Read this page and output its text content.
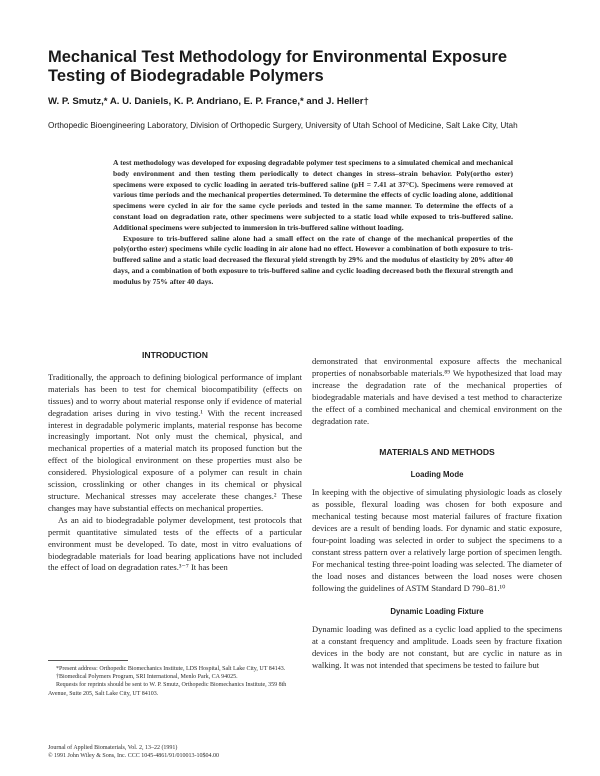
Mechanical Test Methodology for Environmental Exposure Testing of Biodegradable Polymers

W. P. Smutz,* A. U. Daniels, K. P. Andriano, E. P. France,* and J. Heller†

Orthopedic Bioengineering Laboratory, Division of Orthopedic Surgery, University of Utah School of Medicine, Salt Lake City, Utah

A test methodology was developed for exposing degradable polymer test specimens to a simulated chemical and mechanical body environment and then testing them periodically to detect changes in stress–strain behavior. Poly(ortho ester) specimens were exposed to cyclic loading in aerated tris-buffered saline (pH = 7.41 at 37°C). Specimens were removed at various time periods and the mechanical properties determined. To determine the effects of cyclic loading alone, additional specimens were cycled in air for the same cycle periods and tested in the same manner. To determine the effects of a constant load on degradation rate, other specimens were subjected to a static load while exposed to tris-buffered saline. Additional specimens were subjected to immersion in tris-buffered saline without loading.

Exposure to tris-buffered saline alone had a small effect on the rate of change of the mechanical properties of the poly(ortho ester) specimens while cyclic loading in air alone had no effect. However a combination of both exposure to tris-buffered saline and a static load decreased the flexural yield strength by 29% and the modulus of elasticity by 20% after 40 days, and a combination of both exposure to tris-buffered saline and cyclic loading decreased both the flexural strength and modulus by 75% after 40 days.

INTRODUCTION

Traditionally, the approach to defining biological performance of implant materials has been to test for chemical biocompatibility (effects on tissues) and to worry about material response only if evidence of material degradation arises during in vivo testing.¹ With the recent increased interest in degradable polymeric implants, material response has become increasingly important. Not only must the chemical, physical, and mechanical properties of a material match its proposed function but the effect of the biological environment on these properties must also be considered. Physiological exposure of a polymer can result in chain scission, crosslinking or other changes in its chemical or physical structure. Mechanical stresses may accelerate these changes.² These changes may have substantial effects on mechanical properties.

As an aid to biodegradable polymer development, test protocols that permit quantitative simulated tests of the effects of a particular environment must be developed. To date, most in vitro evaluations of biodegradable materials for load bearing applications have not included the effect of load on degradation rates.³⁻⁷ It has been

demonstrated that environmental exposure affects the mechanical properties of nonabsorbable materials.⁸⁹ We hypothesized that load may increase the degradation rate of the mechanical properties of biodegradable materials and have devised a test method to characterize the effect of a combined mechanical and chemical environment on the degradation rate.

MATERIALS AND METHODS
Loading Mode

In keeping with the objective of simulating physiologic loads as closely as possible, flexural loading was chosen for both exposure and mechanical testing because most material failures of fracture fixation devices are a result of bending loads. For dynamic and static exposure, four-point loading was selected in order to subject the specimens to a constant stress pattern over a relatively large portion of specimen length. For mechanical testing three-point loading was selected. The diameter of the load noses and distances between the load noses were chosen following the guidelines of ASTM Standard D 790–81.¹⁰

Dynamic Loading Fixture

Dynamic loading was defined as a cyclic load applied to the specimens at a constant frequency and amplitude. Loads seen by fracture fixation devices in the body are not constant, but are cyclic in nature as in walking. It was not intended that specimens be tested to failure but

*Present address: Orthopedic Biomechanics Institute, LDS Hospital, Salt Lake City, UT 84143.

†Biomedical Polymers Program, SRI International, Menlo Park, CA 94025.

Requests for reprints should be sent to W. P. Smutz, Orthopedic Biomechanics Institute, 359 8th Avenue, Suite 205, Salt Lake City, UT 84103.

Journal of Applied Biomaterials, Vol. 2, 13–22 (1991)
© 1991 John Wiley & Sons, Inc. CCC 1045-4861/91/010013-10$04.00
